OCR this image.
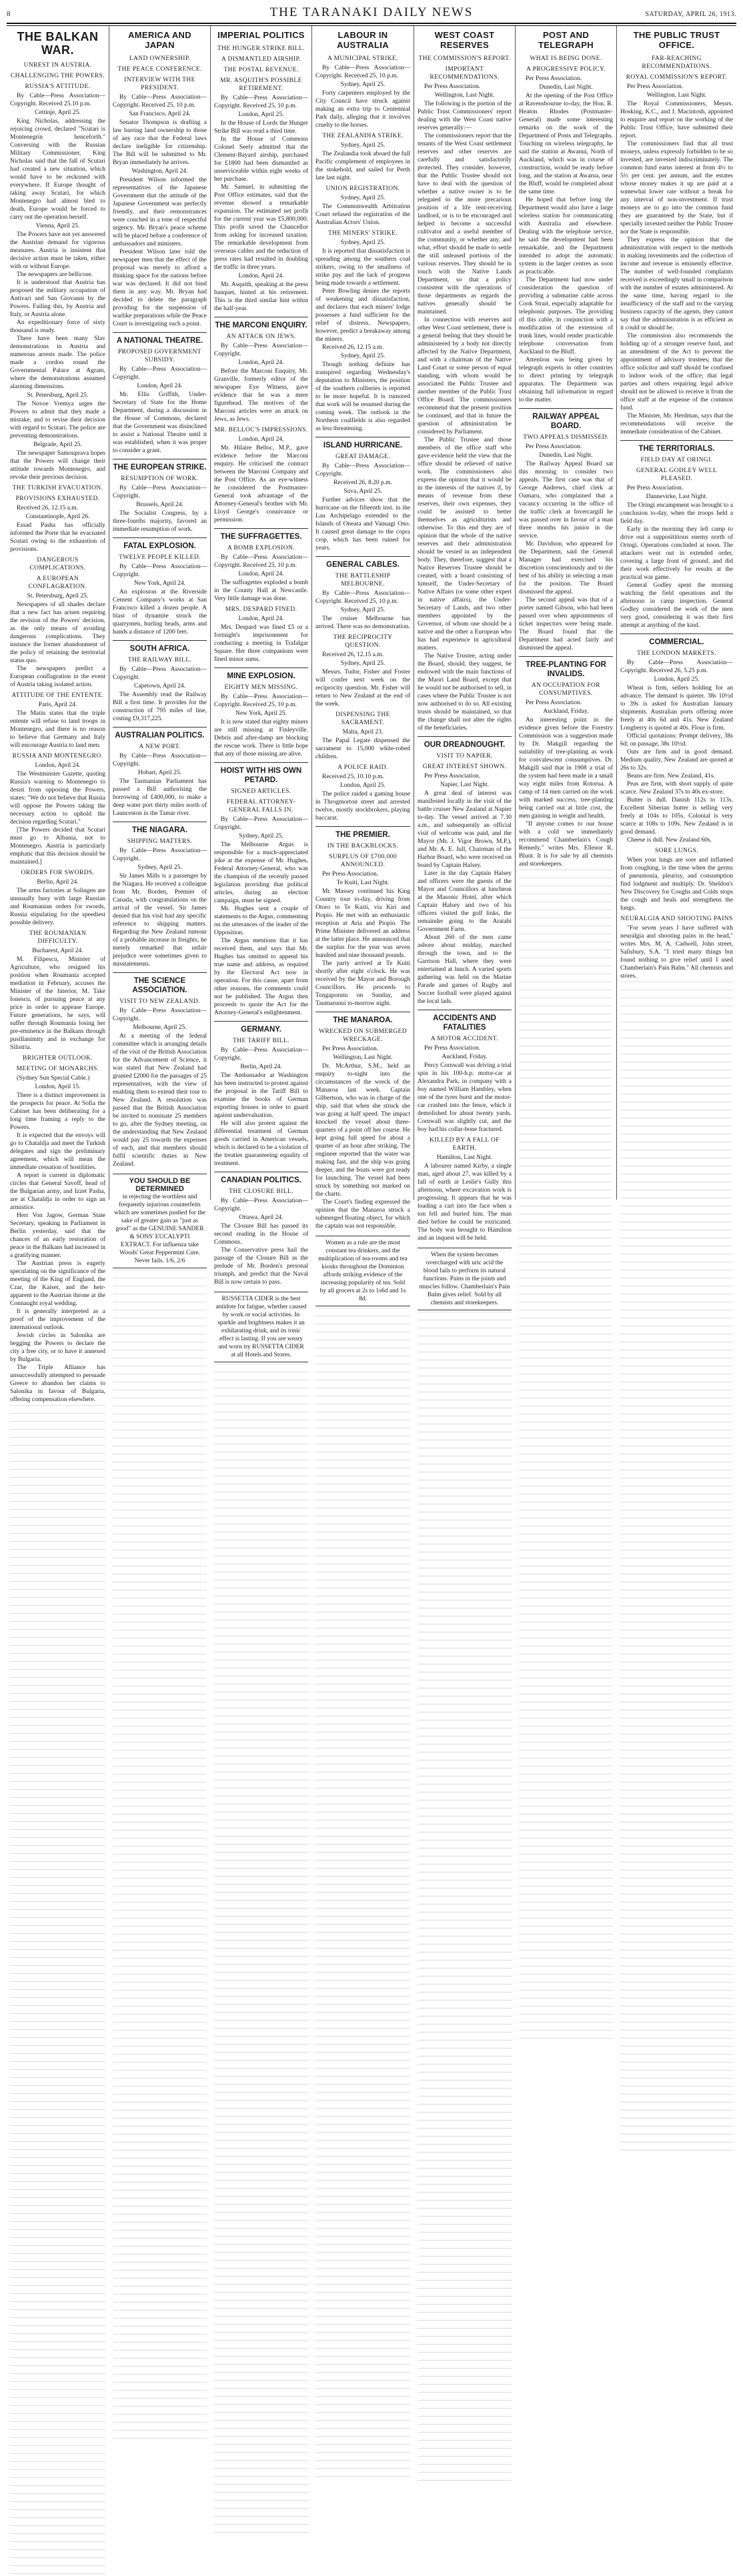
8	THE TARANAKI DAILY NEWS	SATURDAY, APRIL 26, 1913.
THE BALKAN WAR.
UNREST IN AUSTRIA.
CHALLENGING THE POWERS.
RUSSIA'S ATTITUDE.

By Cable—Press Association—Copyright. Received 25.10 p.m.

Cettinje, April 25.

King Nicholas, addressing the rejoicing crowd, declared "Scutari is Montenegrin henceforth." Conversing with the Russian Military Commissioner, King Nicholas said that the fall of Scutari had created a new situation, which would have to be reckoned with everywhere. If Europe thought of taking away Scutari, for which Montenegro had almost bled to death, Europe would be forced to carry out the operation herself.

Vienna, April 25.

The Powers have not yet answered the Austrian demand for vigorous measures. Austria is insistent that decisive action must be taken, either with or without Europe.

The newspapers are bellicose.

It is understood that Austria has proposed the military occupation of Antivari and San Giovanni by the Powers. Failing this, by Austria and Italy, or Austria alone.

An expeditionary force of sixty thousand is ready.

There have been many Slav demonstrations in Austria and numerous arrests made. The police made a cordon round the Governmental Palace at Agram, where the demonstrations assumed alarming dimensions.

St. Petersburg, April 25.

The Novoe Vremya urges the Powers to admit that they made a mistake, and to revise their decision with regard to Scutari. The police are preventing demonstrations.

Belgrade, April 25.

The newspaper Samouprava hopes that the Powers will change their attitude towards Montenegro, and revoke their previous decision.

THE TURKISH EVACUATION.
PROVISIONS EXHAUSTED.

Received 26, 12.15 a.m.

Constantinople, April 26.

Essad Pasha has officially informed the Porte that he evacuated Scutari owing to the exhaustion of provisions.

DANGEROUS COMPLICATIONS.
A EUROPEAN CONFLAGRATION.
St. Petersburg, April 25.

Newspapers of all shades declare that a new fact has arisen requiring the revision of the Powers' decision, as the only means of avoiding dangerous complications. They instance the former abandonment of the policy of retaining the territorial status quo.

The newspapers predict a European conflagration in the event of Austria taking isolated action.

ATTITUDE OF THE ENTENTE.
Paris, April 24.

The Matin states that the triple entente will refuse to land troops in Montenegro, and there is no reason to believe that Germany and Italy will encourage Austria to land men.

RUSSIA AND MONTENEGRO.
London, April 24.

The Westminster Gazette, quoting Russia's warning to Montenegro to desist from opposing the Powers, states: "We do not believe that Russia will oppose the Powers taking the necessary action to uphold the decision regarding Scutari."

[The Powers decided that Scutari must go to Albania, not to Montenegro. Austria is particularly emphatic that this decision should be maintained.]

ORDERS FOR SWORDS.
Berlin, April 24.

The arms factories at Solingen are unusually busy with large Russian and Roumanian orders for swords, Russia stipulating for the speediest possible delivery.

THE ROUMANIAN DIFFICULTY.
Bucharest, April 24.

M. Filipescu, Minister of Agriculture, who resigned his position when Roumania accepted mediation in February, accuses the Minister of the Interior, M. Take Ionescu, of pursuing peace at any price in order to appease Europe. Future generations, he says, will suffer through Roumania losing her pre-eminence in the Balkans through pusillanimity and in exchange for Silistria.

BRIGHTER OUTLOOK.
MEETING OF MONARCHS.

(Sydney Sun Special Cable.)

London, April 15.

There is a distinct improvement in the prospects for peace. At Sofia the Cabinet has been deliberating for a long time framing a reply to the Powers.

It is expected that the envoys will go to Chataldja and meet the Turkish delegates and sign the preliminary agreement, which will mean the immediate cessation of hostilities.

A report is current in diplomatic circles that General Savoff, head of the Bulgarian army, and Izzet Pasha, are at Chataldja in order to sign an armistice.

Herr Von Jagow, German State Secretary, speaking in Parliament in Berlin yesterday, said that the chances of an early restoration of peace in the Balkans had increased in a gratifying manner.

The Austrian press is eagerly speculating on the significance of the meeting of the King of England, the Czar, the Kaiser, and the heir-apparent to the Austrian throne at the Connaught royal wedding.

It is generally interpreted as a proof of the improvement of the international outlook.

Jewish circles in Salonika are begging the Powers to declare the city a free city, or to have it annexed by Bulgaria.

The Triple Alliance has unsuccessfully attempted to persuade Greece to abandon her claims to Salonika in favour of Bulgaria, offering compensation elsewhere.

AMERICA AND JAPAN
LAND OWNERSHIP.
THE PEACE CONFERENCE.
INTERVIEW WITH THE PRESIDENT.

By Cable—Press Association—Copyright. Received 25, 10 p.m.

San Francisco, April 24.

Senator Thompson is drafting a law barring land ownership to those of any race that the Federal laws declare ineligible for citizenship. The Bill will be submitted to Mr. Bryan immediately he arrives.

Washington, April 24.

President Wilson informed the representatives of the Japanese Government that the attitude of the Japanese Government was perfectly friendly, and their remonstrances were couched in a tone of respectful urgency. Mr. Bryan's peace scheme will be placed before a conference of ambassadors and ministers.

President Wilson later told the newspaper men that the effect of the proposal was merely to afford a thinking space for the nations before war was declared. It did not bind them in any way. Mr. Bryan had decided to delete the paragraph providing for the suspension of warlike preparations while the Peace Court is investigating such a point.

A NATIONAL THEATRE.
PROPOSED GOVERNMENT SUBSIDY.

By Cable—Press Association—Copyright.

London, April 24.

Mr. Ellis Griffith, Under-Secretary of State for the Home Department, during a discussion in the House of Commons, declared that the Government was disinclined to assist a National Theatre until it was established, when it was proper to consider a grant.

THE EUROPEAN STRIKE.
RESUMPTION OF WORK.

By Cable—Press Association—Copyright.

Brussels, April 24.

The Socialist Congress, by a three-fourths majority, favored an immediate resumption of work.

FATAL EXPLOSION.
TWELVE PEOPLE KILLED.

By Cable—Press Association—Copyright.

New York, April 24.

An explosion at the Riverside Cement Company's works at San Francisco killed a dozen people. A blast of dynamite struck the quarrymen, hurling heads, arms and hands a distance of 1200 feet.

SOUTH AFRICA.
THE RAILWAY BILL.

By Cable—Press Association—Copyright.

Capetown, April 24.

The Assembly read the Railway Bill a first time. It provides for the construction of 795 miles of line, costing £9,317,225.

AUSTRALIAN POLITICS.
A NEW PORT.

By Cable—Press Association—Copyright.

Hobart, April 25.

The Tasmanian Parliament has passed a Bill authorising the borrowing of £400,000, to make a deep water port thirty miles north of Launceston in the Tamar river.

THE NIAGARA.
SHIPPING MATTERS.

By Cable—Press Association—Copyright.

Sydney, April 25.

Sir James Mills is a passenger by the Niagara. He received a colleague from Mr. Borden, Premier of Canada, with congratulations on the arrival of the vessel. Sir James denied that his visit had any specific reference to shipping matters. Regarding the New Zealand rumour of a probable increase in freights, he merely remarked that unfair prejudice were sometimes given to misstatements.

THE SCIENCE ASSOCIATION.
VISIT TO NEW ZEALAND.

By Cable—Press Association—Copyright.

Melbourne, April 25.

At a meeting of the federal committee which is arranging details of the visit of the British Association for the Advancement of Science, it was stated that New Zealand had granted £2000 for the passages of 25 representatives, with the view of enabling them to extend their tour to New Zealand. A resolution was passed that the British Association be invited to nominate 25 members to go, after the Sydney meeting, on the understanding that New Zealand would pay 25 towards the expenses of each, and that members should fulfil scientific duties in New Zealand.

YOU SHOULD BE DETERMINED
in rejecting the worthless and frequently injurious counterfeits which are sometimes pushed for the sake of greater gain as "just as good" as the GENUINE SANDER & SONS' EUCALYPTI EXTRACT. For influenza take Woods' Great Peppermint Cure. Never fails. 1/6, 2/6
IMPERIAL POLITICS
THE HUNGER STRIKE BILL.
A DISMANTLED AIRSHIP.
THE POSTAL REVENUE.
MR. ASQUITH'S POSSIBLE RETIREMENT.

By Cable—Press Association—Copyright. Received 25, 10 p.m.

London, April 25.

In the House of Lords the Hunger Strike Bill was read a third time.

In the House of Commons Colonel Seely admitted that the Clement-Bayard airship, purchased for £1800 had been dismantled as unserviceable within eight weeks of her purchase.

Mr. Samuel, in submitting the Post Office estimates, said that the revenue showed a remarkable expansion. The estimated net profit for the current year was £5,800,000. This profit saved the Chancellor from asking for increased taxation. The remarkable development from overseas cables and the reduction of press rates had resulted in doubling the traffic in three years.

London, April 24.

Mr. Asquith, speaking at the press banquet, hinted at his retirement. This is the third similar hint within the half-year.

THE MARCONI ENQUIRY.
AN ATTACK ON JEWS.

By Cable—Press Association—Copyright.

London, April 24.

Before the Marconi Enquiry, Mr. Granville, formerly editor of the newspaper Eye Witness, gave evidence that he was a mere figurehead. The motives of the Marconi articles were an attack on Jews, as Jews.

MR. BELLOC'S IMPRESSIONS.
London, April 24.

Mr. Hilaire Belloc, M.P., gave evidence before the Marconi enquiry. He criticised the contract between the Marconi Company and the Post Office. As an eye-witness he considered the Postmaster-General took advantage of the Attorney-General's brother with Mr. Lloyd George's connivance or permission.

THE SUFFRAGETTES.
A BOMB EXPLOSION.

By Cable—Press Association—Copyright. Received 25, 10 p.m.

London, April 24.

The suffragettes exploded a bomb in the County Hall at Newcastle. Very little damage was done.

MRS. DESPARD FINED.
London, April 24.

Mrs. Despard was fined £5 or a fortnight's imprisonment for conducting a meeting in Trafalgar Square. Her three companions were fined minor sums.

MINE EXPLOSION.
EIGHTY MEN MISSING.

By Cable—Press Association—Copyright. Received 25, 10 p.m.

New York, April 25.

It is now stated that eighty miners are still missing at Finleyville. Debris and after-damp are blocking the rescue work. There is little hope that any of those missing are alive.

HOIST WITH HIS OWN PETARD.
SIGNED ARTICLES.
FEDERAL ATTORNEY-GENERAL FALLS IN.

By Cable—Press Association—Copyright.

Sydney, April 25.

The Melbourne Argus is responsible for a much-appreciated joke at the expense of Mr. Hughes, Federal Attorney-General, who was the champion of the recently passed legislation providing that political articles, during an election campaign, must be signed.

Mr. Hughes sent a couple of statements to the Argus, commenting on the utterances of the leader of the Opposition.

The Argus mentions that it has received them, and says that Mr. Hughes has omitted to append his true name and address, as required by the Electoral Act now in operation. For this cause, apart from other reasons, the comments could not be published. The Argus then proceeds to quote the Act for the Attorney-General's enlightenment.

GERMANY.
THE TARIFF BILL.

By Cable—Press Association—Copyright.

Berlin, April 24.

The Ambassador at Washington has been instructed to protest against the proposal in the Tariff Bill to examine the books of German exporting houses in order to guard against undervaluation.

He will also protest against the differential treatment of German goods carried in American vessels, which is declared to be a violation of the treaties guaranteeing equality of treatment.

CANADIAN POLITICS.
THE CLOSURE BILL.

By Cable—Press Association—Copyright.

Ottawa, April 24.

The Closure Bill has passed its second reading in the House of Commons.

The Conservative press hail the passage of the Closure Bill as the prelude of Mr. Borden's personal triumph, and predict that the Naval Bill is now certain to pass.

RUSSETTA CIDER is the best antidote for fatigue, whether caused by work or social activities. In sparkle and brightness makes it an exhilarating drink, and its tonic effect is lasting. If you are weary and worn try RUSSETTA CIDER at all Hotels and Stores.
LABOUR IN AUSTRALIA
A MUNICIPAL STRIKE.

By Cable—Press Association—Copyright. Received 25, 10 p.m.

Sydney, April 25.

Forty carpenters employed by the City Council have struck against making an extra trip to Centennial Park daily, alleging that it involves cruelty to the horses.

THE ZEALANDIA STRIKE.
Sydney, April 25.

The Zealandia took aboard the full Pacific complement of employees in the stokehold, and sailed for Perth late last night.

UNION REGISTRATION.
Sydney, April 25.

The Commonwealth Arbitration Court refused the registration of the Australian Actors' Union.

THE MINERS' STRIKE.
Sydney, April 25.

It is reported that dissatisfaction is spreading among the southern coal strikers, owing to the smallness of strike pay and the lack of progress being made towards a settlement.

Peter Bowling denies the reports of weakening and dissatisfaction, and declares that each miners' lodge possesses a fund sufficient for the relief of distress. Newspapers, however, predict a breakaway among the miners.

Received 26, 12.15 a.m.

Sydney, April 25.

Though nothing definite has transpired regarding Wednesday's deputation to Ministers, the position of the southern collieries is reported to be more hopeful. It is rumored that work will be resumed during the coming week. The outlook in the Northern coalfields is also regarded as less threatening.

ISLAND HURRICANE.
GREAT DAMAGE.

By Cable—Press Association—Copyright.

Received 26, 8.20 p.m.
Suva, April 25.

Further advices show that the hurricane on the fifteenth inst. in the Lau Archipelago extended to the Islands of Oneata and Vanuagi Ono. It caused great damage to the copra crop, which has been ruined for years.

GENERAL CABLES.
THE BATTLESHIP MELBOURNE.

By Cable—Press Association—Copyright. Received 25, 10 p.m.

Sydney, April 25.

The cruiser Melbourne has arrived. There was no demonstration.

THE RECIPROCITY QUESTION.

Received 26, 12.15 a.m.

Sydney, April 25.

Messrs. Tudor, Fisher and Foster will confer next week on the reciprocity question. Mr. Fisher will return to New Zealand at the end of the week.

DISPENSING THE SACRAMENT.
Malta, April 23.

The Papal Legate dispensed the sacrament to 15,000 white-robed children.

A POLICE RAID.

Received 25, 10.10 p.m.

London, April 25.

The police raided a gaming house in Throgmorton street and arrested twelve, mostly stockbrokers, playing baccarat.

THE PREMIER.
IN THE BACKBLOCKS.
SURPLUS OF £700,000 ANNOUNCED.

Per Press Association.

Te Kuiti, Last Night.

Mr. Massey continued his King Country tour to-day, driving from Otoro to Te Kuiti, via Kiri and Piopio. He met with an enthusiastic reception at Aria and Piopio. The Prime Minister delivered an address at the latter place. He announced that the surplus for the year was seven hundred and nine thousand pounds.

The party arrived at Te Kuiti shortly after eight o'clock. He was received by the Mayor and Borough Councillors. He proceeds to Tongaporutu on Sunday, and Taumarunui to-morrow night.

THE MANAROA.
WRECKED ON SUBMERGED WRECKAGE.

Per Press Association.

Wellington, Last Night.

Dr. McArthur, S.M., held an enquiry to-night into the circumstances of the wreck of the Manaroa last week. Captain Gilbertson, who was in charge of the ship, said that when she struck she was going at half speed. The impact knocked the vessel about three-quarters of a point off her course. He kept going full speed for about a quarter of an hour after striking. The engineer reported that the water was making fast, and the ship was going deeper, and the boats were got ready for launching. The vessel had been struck by something not marked on the charts.

The Court's finding expressed the opinion that the Manaroa struck a submerged floating object, for which the captain was not responsible.

Women as a rule are the most constant tea drinkers, and the multiplication of tea-rooms and tea kiosks throughout the Dominion affords striking evidence of the increasing popularity of tea. Sold by all grocers at 2s to 1s6d and 1s 8d.
WEST COAST RESERVES
THE COMMISSION'S REPORT.
IMPORTANT RECOMMENDATIONS.

Per Press Association.

Wellington, Last Night.

The following is the portion of the Public Trust Commissioners' report dealing with the West Coast native reserves generally:—

The commissioners report that the tenants of the West Coast settlement reserves and other reserves are carefully and satisfactorily protected. They consider, however, that the Public Trustee should not have to deal with the question of whether a native owner is to be relegated to the more precarious position of a life rent-receiving landlord, or is to be encouraged and helped to become a successful cultivator and a useful member of the community, or whether any, and what, effort should be made to settle the still unleased portions of the various reserves. They should be in touch with the Native Lands Department, so that a policy consistent with the operations of those departments as regards the natives generally should be maintained.

In connection with reserves and other West Coast settlement, there is a general feeling that they should be administered by a body not directly affected by the Native Department, and with a chairman of the Native Land Court or some person of equal standing, with whom would be associated the Public Trustee and another member of the Public Trust Office Board. The commissioners recommend that the present position be continued, and that in future the question of administration be considered by Parliament.

The Public Trustee and those members of the office staff who gave evidence held the view that the office should be relieved of native work. The commissioners also express the opinion that it would be in the interests of the natives if, by means of revenue from these reserves, their own expenses, they could be assisted to better themselves as agriculturists and otherwise. To this end they are of opinion that the whole of the native reserves and their administration should be vested in an independent body. They, therefore, suggest that a Native Reserves Trustee should be created, with a board consisting of himself, the Under-Secretary of Native Affairs (or some other expert in native affairs), the Under-Secretary of Lands, and two other members appointed by the Governor, of whom one should be a native and the other a European who has had experience in agricultural matters.

The Native Trustee, acting under the Board, should, they suggest, be endowed with the main functions of the Maori Land Board, except that he would not be authorised to sell, in cases where the Public Trustee is not now authorised to do so. All existing trusts should be maintained, so that the change shall not alter the rights of the beneficiaries.

OUR DREADNOUGHT.
VISIT TO NAPIER.
GREAT INTEREST SHOWN.

Per Press Association.

Napier, Last Night.

A great deal of interest was manifested locally in the visit of the battle cruiser New Zealand at Napier to-day. The vessel arrived at 7.30 a.m., and subsequently an official visit of welcome was paid, and the Mayor (Mr. J. Vigor Brown, M.P.), and Mr. A. E. Jull, Chairman of the Harbor Board, who were received on board by Captain Halsey.

Later in the day Captain Halsey and officers were the guests of the Mayor and Councillors at luncheon at the Masonic Hotel, after which Captain Halsey and two of his officers visited the golf links, the remainder going to the Aratahi Government Farm.

About 260 of the men came ashore about midday, marched through the town, and to the Garrison Hall, where they were entertained at lunch. A varied sports gathering was held on the Marine Parade and games of Rugby and Soccer football were played against the local lads.

ACCIDENTS AND FATALITIES
A MOTOR ACCIDENT.

Per Press Association.

Auckland, Friday.

Percy Cornwall was driving a trial spin in his 100-h.p. motor-car at Alexandra Park, in company with a boy named William Hambley, when one of the tyres burst and the motor-car crashed into the fence, which it demolished for about twenty yards. Cornwall was slightly cut, and the boy had his collar-bone fractured.

KILLED BY A FALL OF EARTH.
Hamilton, Last Night.

A labourer named Kirby, a single man, aged about 27, was killed by a fall of earth at Leslie's Gully this afternoon, where excavation work is progressing. It appears that he was loading a cart into the face when a ton fell and buried him. The man died before he could be extricated. The body was brought to Hamilton and an inquest will be held.

When the system becomes overcharged with uric acid the blood fails to perform its natural functions. Pains in the joints and muscles follow. Chamberlain's Pain Balm gives relief. Sold by all chemists and storekeepers.
POST AND TELEGRAPH
WHAT IS BEING DONE.
A PROGRESSIVE POLICY.

Per Press Association.

Dunedin, Last Night.

At the opening of the Post Office at Ravensbourne to-day, the Hon. R. Heaton Rhodes (Postmaster-General) made some interesting remarks on the work of the Department of Posts and Telegraphs. Touching on wireless telegraphy, he said the station at Awanui, North of Auckland, which was in course of construction, would be ready before long, and the station at Awarua, near the Bluff, would be completed about the same time.

He hoped that before long the Department would also have a large wireless station for communicating with Australia and elsewhere. Dealing with the telephone service, he said the development had been remarkable, and the Department intended to adopt the automatic system in the larger centres as soon as practicable.

The Department had now under consideration the question of providing a submarine cable across Cook Strait, especially adaptable for telephonic purposes. The providing of this cable, in conjunction with a modification of the extension of trunk lines, would render practicable telephone conversation from Auckland to the Bluff.

Attention was being given by telegraph experts in other countries to direct printing by telegraph apparatus. The Department was obtaining full information in regard to the matter.

RAILWAY APPEAL BOARD.
TWO APPEALS DISMISSED.

Per Press Association.

Dunedin, Last Night.

The Railway Appeal Board sat this morning to consider two appeals. The first case was that of George Andrews, chief clerk at Oamaru, who complained that a vacancy occurring in the office of the traffic clerk at Invercargill he was passed over in favour of a man three months his junior in the service.

Mr. Davidson, who appeared for the Department, said the General Manager had exercised his discretion conscientiously and to the best of his ability in selecting a man for the position. The Board dismissed the appeal.

The second appeal was that of a porter named Gibson, who had been passed over when appointments of ticket inspectors were being made. The Board found that the Department had acted fairly and dismissed the appeal.

TREE-PLANTING FOR INVALIDS.
AN OCCUPATION FOR CONSUMPTIVES.

Per Press Association.

Auckland, Friday.

An interesting point in the evidence given before the Forestry Commission was a suggestion made by Dr. Makgill regarding the suitability of tree-planting as work for convalescent consumptives. Dr. Makgill said that in 1908 a trial of the system had been made in a small way eight miles from Rotorua. A camp of 14 men carried on the work with marked success, tree-planting being carried out at little cost, the men gaining in weight and health.

"If anyone comes to our house with a cold we immediately recommend Chamberlain's Cough Remedy," writes Mrs. Ellenor R. Blunt. It is for sale by all chemists and storekeepers.

THE PUBLIC TRUST OFFICE.
FAR-REACHING RECOMMENDATIONS.
ROYAL COMMISSION'S REPORT.

Per Press Association.

Wellington, Last Night.

The Royal Commissioners, Messrs. Hosking, K.C., and J. Macintosh, appointed to enquire and report on the working of the Public Trust Office, have submitted their report.

The commissioners find that all trust moneys, unless expressly forbidden to be so invested, are invested indiscriminately. The common fund earns interest at from 4½ to 5½ per cent. per annum, and the estates whose money makes it up are paid at a somewhat lower rate without a break for any interval of non-investment. If trust moneys are to go into the common fund they are guaranteed by the State, but if specially invested neither the Public Trustee nor the State is responsible.

They express the opinion that the administration with respect to the methods in making investments and the collection of income and revenue is eminently effective. The number of well-founded complaints received is exceedingly small in comparison with the number of estates administered. At the same time, having regard to the insufficiency of the staff and to the varying business capacity of the agents, they cannot say that the administration is as efficient as it could or should be.

The commission also recommends the holding up of a stronger reserve fund, and an amendment of the Act to prevent the appointment of advisory trustees; that the office solicitor and staff should be confined to indoor work of the office; that legal parties and others requiring legal advice should not be allowed to receive it from the office staff at the expense of the common fund.

The Minister, Mr. Herdman, says that the recommendations will receive the immediate consideration of the Cabinet.

THE TERRITORIALS.
FIELD DAY AT ORINGI.
GENERAL GODLEY WELL PLEASED.

Per Press Association.

Dannevirke, Last Night.

The Oringi encampment was brought to a conclusion to-day, when the troops held a field day.

Early in the morning they left camp to drive out a supposititious enemy north of Oringi. Operations concluded at noon. The attackers went out in extended order, covering a large front of ground, and did their work effectively for results at the practical war game.

General Godley spent the morning watching the field operations and the afternoon in camp inspection. General Godley considered the work of the men very good, considering it was their first attempt at anything of the kind.

COMMERCIAL.
THE LONDON MARKETS.

By Cable—Press Association—Copyright. Received 26, 5.25 p.m.

London, April 25.

Wheat is firm, sellers holding for an advance. The demand is quieter. 38s 10½d to 39s is asked for Australian January shipments. Australian ports offering more freely at 40s 6d and 41s. New Zealand Longberry is quoted at 40s. Flour is firm.

Official quotations: Prompt delivery, 38s 6d; on passage, 38s 10½d.

Oats are firm and in good demand. Medium quality, New Zealand are quoted at 26s to 32s.

Beans are firm. New Zealand, 41s.

Peas are firm, with short supply of quite scarce. New Zealand 37s to 40s ex-store.

Butter is dull. Danish 112s to 113s. Excellent Siberian butter is selling very freely at 104s to 105s. Colonial is very scarce at 108s to 109s. New Zealand is in good demand.

Cheese is dull. New Zealand 60s.

SORE LUNGS.

When your lungs are sore and inflamed from coughing, is the time when the germs of pneumonia, pleurisy, and consumption find lodgment and multiply. Dr. Sheldon's New Discovery for Coughs and Colds stops the cough and heals and strengthens the lungs.

NEURALGIA AND SHOOTING PAINS

"For seven years I have suffered with neuralgia and shooting pains in the head," writes Mrs. M. A. Cadwell, John street, Salisbury, S.A. "I tried many things but found nothing to give relief until I used Chamberlain's Pain Balm." All chemists and stores.
